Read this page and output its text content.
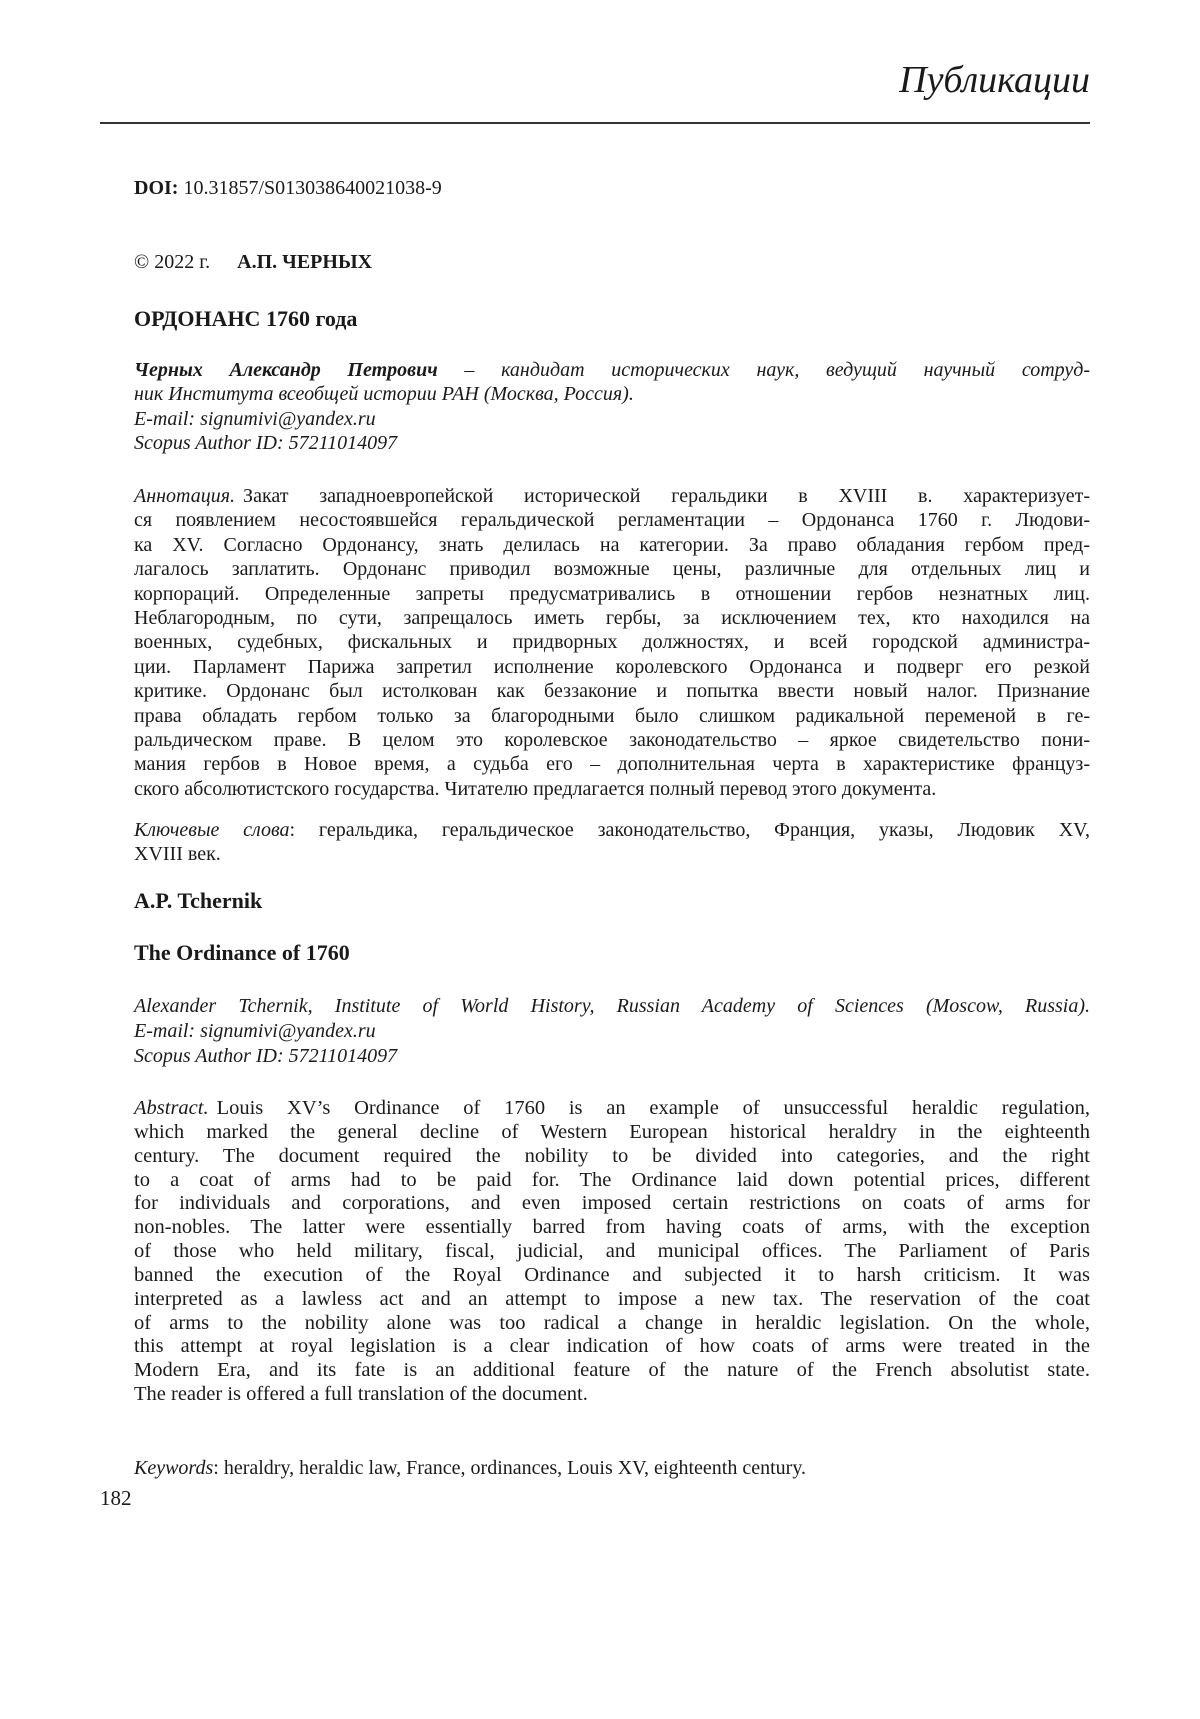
Публикации
DOI: 10.31857/S013038640021038-9
© 2022 г. А.П. ЧЕРНЫХ
ОРДОНАНС 1760 года
Черных Александр Петрович – кандидат исторических наук, ведущий научный сотруд-
ник Института всеобщей истории РАН (Москва, Россия).
E-mail: signumivi@yandex.ru
Scopus Author ID: 57211014097
Аннотация. Закат западноевропейской исторической геральдики в XVIII в. характеризует-
ся появлением несостоявшейся геральдической регламентации – Ордонанса 1760 г. Людови-
ка XV. Согласно Ордонансу, знать делилась на категории. За право обладания гербом пред-
лагалось заплатить. Ордонанс приводил возможные цены, различные для отдельных лиц и
корпораций. Определенные запреты предусматривались в отношении гербов незнатных лиц.
Неблагородным, по сути, запрещалось иметь гербы, за исключением тех, кто находился на
военных, судебных, фискальных и придворных должностях, и всей городской администра-
ции. Парламент Парижа запретил исполнение королевского Ордонанса и подверг его резкой
критике. Ордонанс был истолкован как беззаконие и попытка ввести новый налог. Признание
права обладать гербом только за благородными было слишком радикальной переменой в ге-
ральдическом праве. В целом это королевское законодательство – яркое свидетельство пони-
мания гербов в Новое время, а судьба его – дополнительная черта в характеристике француз-
ского абсолютистского государства. Читателю предлагается полный перевод этого документа.
Ключевые слова: геральдика, геральдическое законодательство, Франция, указы, Людовик XV,
XVIII век.
A.P. Tchernik
The Ordinance of 1760
Alexander Tchernik, Institute of World History, Russian Academy of Sciences (Moscow, Russia).
E-mail: signumivi@yandex.ru
Scopus Author ID: 57211014097
Abstract. Louis XV’s Ordinance of 1760 is an example of unsuccessful heraldic regulation,
which marked the general decline of Western European historical heraldry in the eighteenth
century. The document required the nobility to be divided into categories, and the right
to a coat of arms had to be paid for. The Ordinance laid down potential prices, different
for individuals and corporations, and even imposed certain restrictions on coats of arms for
non-nobles. The latter were essentially barred from having coats of arms, with the exception
of those who held military, fiscal, judicial, and municipal offices. The Parliament of Paris
banned the execution of the Royal Ordinance and subjected it to harsh criticism. It was
interpreted as a lawless act and an attempt to impose a new tax. The reservation of the coat
of arms to the nobility alone was too radical a change in heraldic legislation. On the whole,
this attempt at royal legislation is a clear indication of how coats of arms were treated in the
Modern Era, and its fate is an additional feature of the nature of the French absolutist state.
The reader is offered a full translation of the document.
Keywords: heraldry, heraldic law, France, ordinances, Louis XV, eighteenth century.
182
